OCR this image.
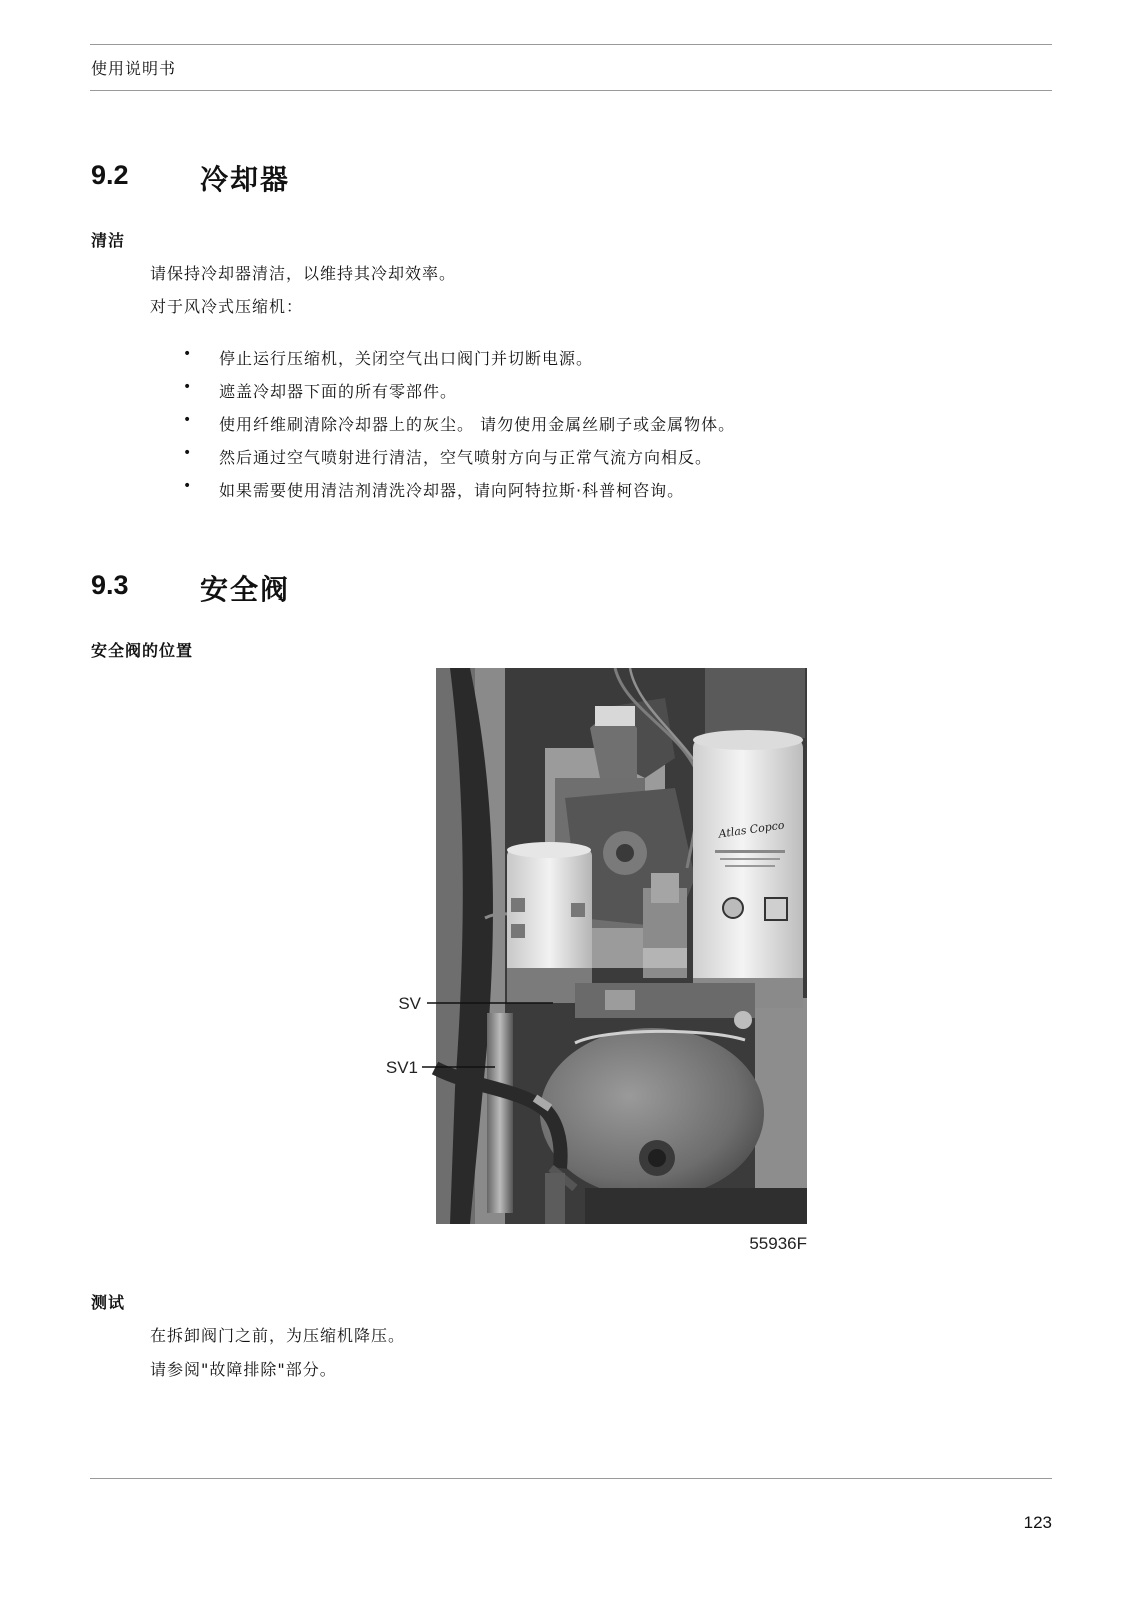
使用说明书
9.2	冷却器
清洁
请保持冷却器清洁，以维持其冷却效率。
对于风冷式压缩机：
• 停止运行压缩机，关闭空气出口阀门并切断电源。
• 遮盖冷却器下面的所有零部件。
• 使用纤维刷清除冷却器上的灰尘。 请勿使用金属丝刷子或金属物体。
• 然后通过空气喷射进行清洁，空气喷射方向与正常气流方向相反。
• 如果需要使用清洁剂清洗冷却器，请向阿特拉斯·科普柯咨询。
9.3	安全阀
安全阀的位置
Atlas Copco
SV
SV1
55936F
测试
在拆卸阀门之前，为压缩机降压。
请参阅"故障排除"部分。
123
